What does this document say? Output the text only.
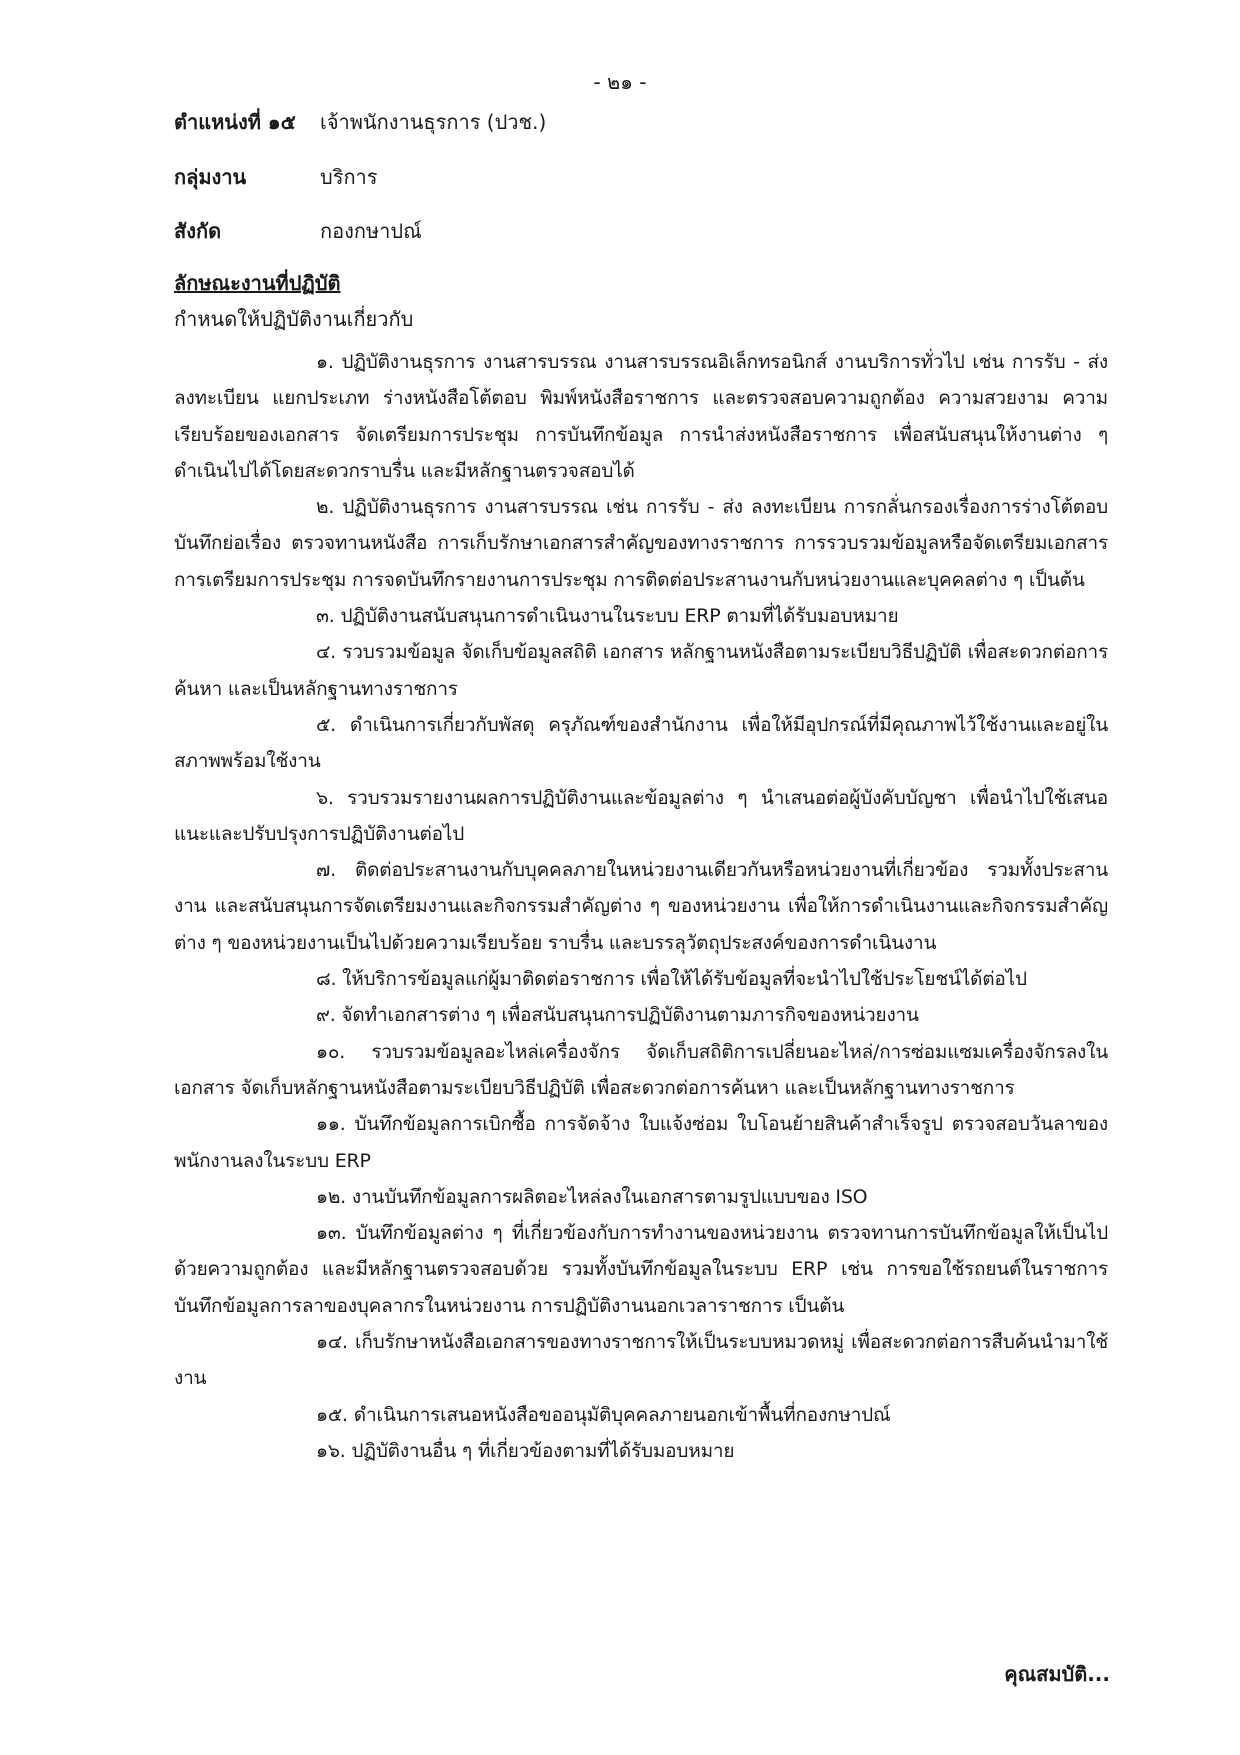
- ๒๑ -
ตำแหน่งที่ ๑๕ เจ้าพนักงานธุรการ (ปวช.)
กลุ่มงาน	บริการ
สังกัด	กองกษาปณ์
ลักษณะงานที่ปฏิบัติ
กำหนดให้ปฏิบัติงานเกี่ยวกับ

๑. ปฏิบัติงานธุรการ งานสารบรรณ งานสารบรรณอิเล็กทรอนิกส์ งานบริการทั่วไป เช่น การรับ - ส่ง ลงทะเบียน แยกประเภท ร่างหนังสือโต้ตอบ พิมพ์หนังสือราชการ และตรวจสอบความถูกต้อง ความสวยงาม ความเรียบร้อยของเอกสาร จัดเตรียมการประชุม การบันทึกข้อมูล การนำส่งหนังสือราชการ เพื่อสนับสนุนให้งานต่าง ๆ ดำเนินไปได้โดยสะดวกราบรื่น และมีหลักฐานตรวจสอบได้

๒. ปฏิบัติงานธุรการ งานสารบรรณ เช่น การรับ - ส่ง ลงทะเบียน การกลั่นกรองเรื่องการร่างโต้ตอบ บันทึกย่อเรื่อง ตรวจทานหนังสือ การเก็บรักษาเอกสารสำคัญของทางราชการ การรวบรวมข้อมูลหรือจัดเตรียมเอกสาร การเตรียมการประชุม การจดบันทึกรายงานการประชุม การติดต่อประสานงานกับหน่วยงานและบุคคลต่าง ๆ เป็นต้น

๓. ปฏิบัติงานสนับสนุนการดำเนินงานในระบบ ERP ตามที่ได้รับมอบหมาย

๔. รวบรวมข้อมูล จัดเก็บข้อมูลสถิติ เอกสาร หลักฐานหนังสือตามระเบียบวิธีปฏิบัติ เพื่อสะดวกต่อการค้นหา และเป็นหลักฐานทางราชการ

๕. ดำเนินการเกี่ยวกับพัสดุ ครุภัณฑ์ของสำนักงาน เพื่อให้มีอุปกรณ์ที่มีคุณภาพไว้ใช้งานและอยู่ในสภาพพร้อมใช้งาน

๖. รวบรวมรายงานผลการปฏิบัติงานและข้อมูลต่าง ๆ นำเสนอต่อผู้บังคับบัญชา เพื่อนำไปใช้เสนอแนะและปรับปรุงการปฏิบัติงานต่อไป

๗. ติดต่อประสานงานกับบุคคลภายในหน่วยงานเดียวกันหรือหน่วยงานที่เกี่ยวข้อง รวมทั้งประสานงาน และสนับสนุนการจัดเตรียมงานและกิจกรรมสำคัญต่าง ๆ ของหน่วยงาน เพื่อให้การดำเนินงานและกิจกรรมสำคัญต่าง ๆ ของหน่วยงานเป็นไปด้วยความเรียบร้อย ราบรื่น และบรรลุวัตถุประสงค์ของการดำเนินงาน

๘. ให้บริการข้อมูลแก่ผู้มาติดต่อราชการ เพื่อให้ได้รับข้อมูลที่จะนำไปใช้ประโยชน์ได้ต่อไป

๙. จัดทำเอกสารต่าง ๆ เพื่อสนับสนุนการปฏิบัติงานตามภารกิจของหน่วยงาน

๑๐. รวบรวมข้อมูลอะไหล่เครื่องจักร จัดเก็บสถิติการเปลี่ยนอะไหล่/การซ่อมแซมเครื่องจักรลงในเอกสาร จัดเก็บหลักฐานหนังสือตามระเบียบวิธีปฏิบัติ เพื่อสะดวกต่อการค้นหา และเป็นหลักฐานทางราชการ

๑๑. บันทึกข้อมูลการเบิกซื้อ การจัดจ้าง ใบแจ้งซ่อม ใบโอนย้ายสินค้าสำเร็จรูป ตรวจสอบวันลาของพนักงานลงในระบบ ERP

๑๒. งานบันทึกข้อมูลการผลิตอะไหล่ลงในเอกสารตามรูปแบบของ ISO

๑๓. บันทึกข้อมูลต่าง ๆ ที่เกี่ยวข้องกับการทำงานของหน่วยงาน ตรวจทานการบันทึกข้อมูลให้เป็นไปด้วยความถูกต้อง และมีหลักฐานตรวจสอบด้วย รวมทั้งบันทึกข้อมูลในระบบ ERP เช่น การขอใช้รถยนต์ในราชการ บันทึกข้อมูลการลาของบุคลากรในหน่วยงาน การปฏิบัติงานนอกเวลาราชการ เป็นต้น

๑๔. เก็บรักษาหนังสือเอกสารของทางราชการให้เป็นระบบหมวดหมู่ เพื่อสะดวกต่อการสืบค้นนำมาใช้งาน

๑๕. ดำเนินการเสนอหนังสือขออนุมัติบุคคลภายนอกเข้าพื้นที่กองกษาปณ์

๑๖. ปฏิบัติงานอื่น ๆ ที่เกี่ยวข้องตามที่ได้รับมอบหมาย

คุณสมบัติ...
